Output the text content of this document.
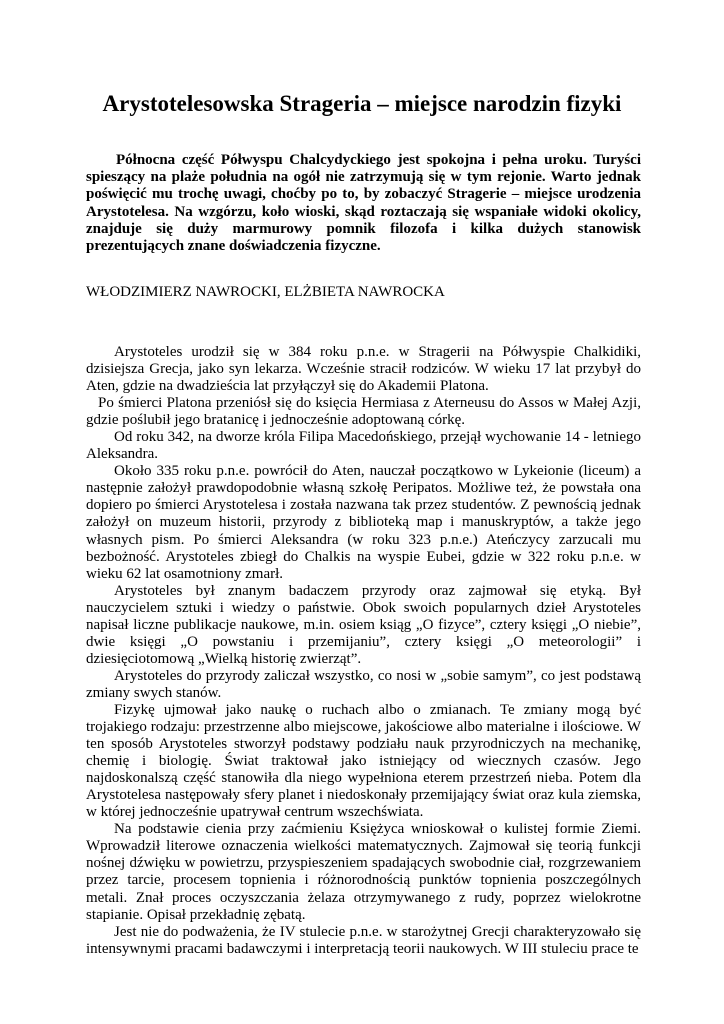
Arystotelesowska Strageria – miejsce narodzin fizyki

Północna część Półwyspu Chalcydyckiego jest spokojna i pełna uroku. Turyści spieszący na plaże południa na ogół nie zatrzymują się w tym rejonie. Warto jednak poświęcić mu trochę uwagi, choćby po to, by zobaczyć Stragerie – miejsce urodzenia Arystotelesa. Na wzgórzu, koło wioski, skąd roztaczają się wspaniałe widoki okolicy, znajduje się duży marmurowy pomnik filozofa i kilka dużych stanowisk prezentujących znane doświadczenia fizyczne.

WŁODZIMIERZ NAWROCKI, ELŻBIETA NAWROCKA

Arystoteles urodził się w 384 roku p.n.e. w Stragerii na Półwyspie Chalkidiki, dzisiejsza Grecja, jako syn lekarza. Wcześnie stracił rodziców. W wieku 17 lat przybył do Aten, gdzie na dwadzieścia lat przyłączył się do Akademii Platona.

Po śmierci Platona przeniósł się do księcia Hermiasa z Aterneusu do Assos w Małej Azji, gdzie poślubił jego bratanicę i jednocześnie adoptowaną córkę.

Od roku 342, na dworze króla Filipa Macedońskiego, przejął wychowanie 14 - letniego Aleksandra.

Około 335 roku p.n.e. powrócił do Aten, nauczał początkowo w Lykeionie (liceum) a następnie założył prawdopodobnie własną szkołę Peripatos. Możliwe też, że powstała ona dopiero po śmierci Arystotelesa i została nazwana tak przez studentów. Z pewnością jednak założył on muzeum historii, przyrody z biblioteką map i manuskryptów, a także jego własnych pism. Po śmierci Aleksandra (w roku 323 p.n.e.) Ateńczycy zarzucali mu bezbożność. Arystoteles zbiegł do Chalkis na wyspie Eubei, gdzie w 322 roku p.n.e. w wieku 62 lat osamotniony zmarł.

Arystoteles był znanym badaczem przyrody oraz zajmował się etyką. Był nauczycielem sztuki i wiedzy o państwie. Obok swoich popularnych dzieł Arystoteles napisał liczne publikacje naukowe, m.in. osiem ksiąg „O fizyce”, cztery księgi „O niebie”, dwie księgi „O powstaniu i przemijaniu”, cztery księgi „O meteorologii” i dziesięciotomową „Wielką historię zwierząt”.

Arystoteles do przyrody zaliczał wszystko, co nosi w „sobie samym”, co jest podstawą zmiany swych stanów.

Fizykę ujmował jako naukę o ruchach albo o zmianach. Te zmiany mogą być trojakiego rodzaju: przestrzenne albo miejscowe, jakościowe albo materialne i ilościowe. W ten sposób Arystoteles stworzył podstawy podziału nauk przyrodniczych na mechanikę, chemię i biologię. Świat traktował jako istniejący od wiecznych czasów. Jego najdoskonalszą część stanowiła dla niego wypełniona eterem przestrzeń nieba. Potem dla Arystotelesa następowały sfery planet i niedoskonały przemijający świat oraz kula ziemska, w której jednocześnie upatrywał centrum wszechświata.

Na podstawie cienia przy zaćmieniu Księżyca wnioskował o kulistej formie Ziemi. Wprowadził literowe oznaczenia wielkości matematycznych. Zajmował się teorią funkcji nośnej dźwięku w powietrzu, przyspieszeniem spadających swobodnie ciał, rozgrzewaniem przez tarcie, procesem topnienia i różnorodnością punktów topnienia poszczególnych metali. Znał proces oczyszczania żelaza otrzymywanego z rudy, poprzez wielokrotne stapianie. Opisał przekładnię zębatą.

Jest nie do podważenia, że IV stulecie p.n.e. w starożytnej Grecji charakteryzowało się intensywnymi pracami badawczymi i interpretacją teorii naukowych. W III stuleciu prace te
